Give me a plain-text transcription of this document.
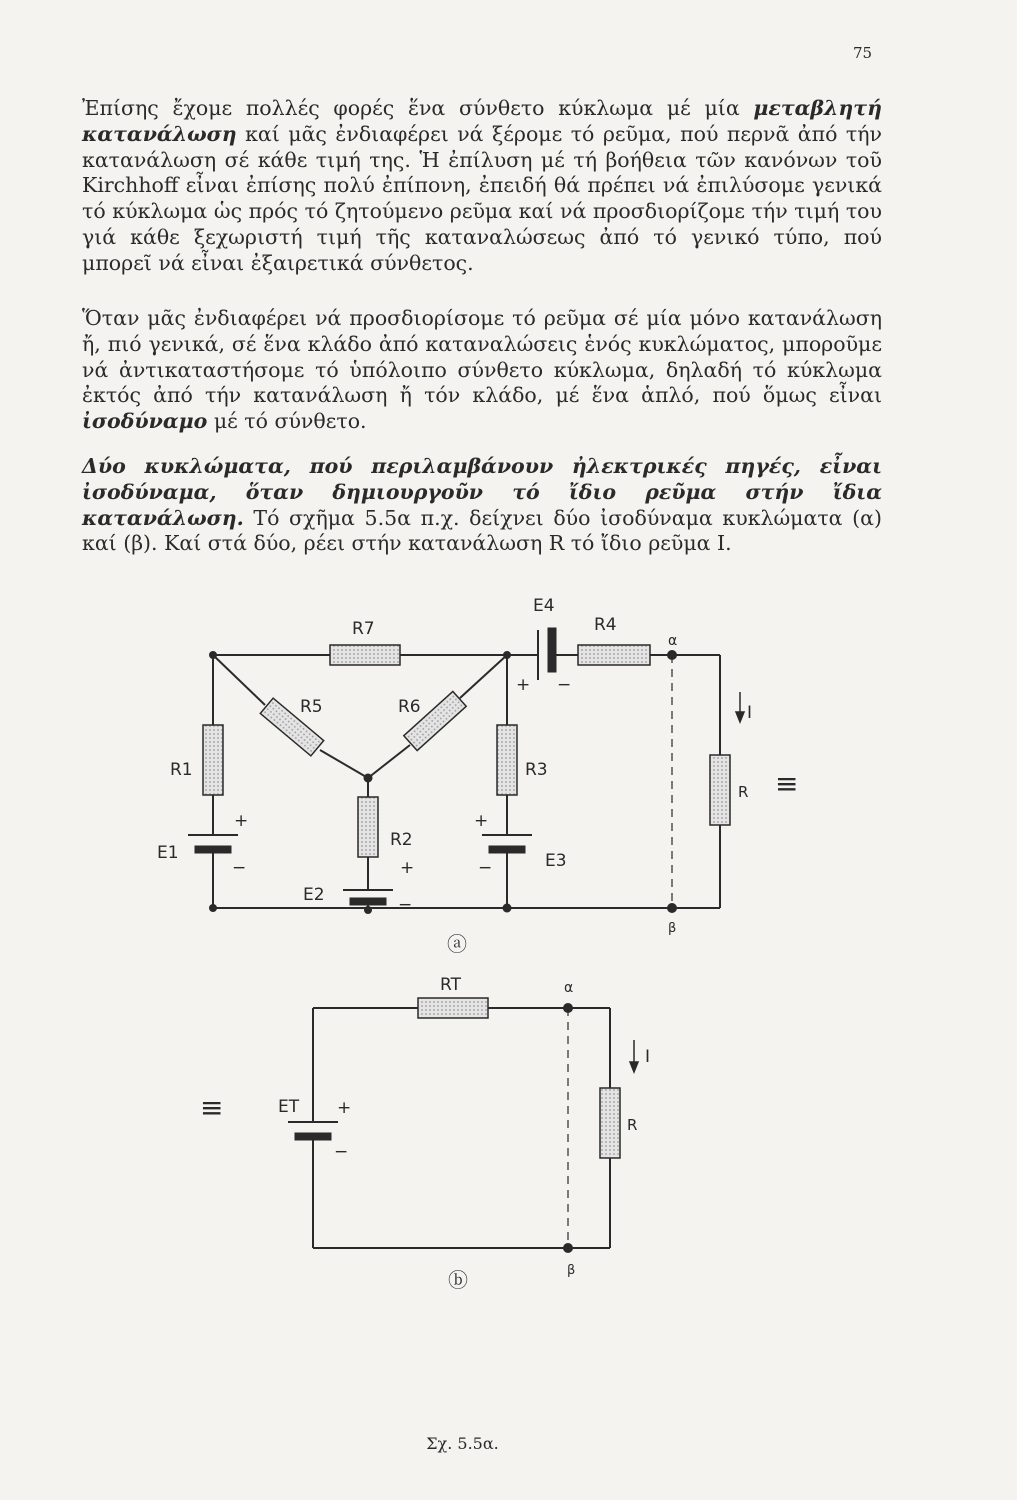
75

Ἐπίσης ἔχομε πολλές φορές ἕνα σύνθετο κύκλωμα μέ μία μεταβλητή κατανάλωση καί μᾶς ἐνδιαφέρει νά ξέρομε τό ρεῦμα, πού περνᾶ ἀπό τήν κατανάλωση σέ κάθε τιμή της. Ἡ ἐπίλυση μέ τή βοήθεια τῶν κανόνων τοῦ Kirchhoff εἶναι ἐπίσης πολύ ἐπίπονη, ἐπειδή θά πρέπει νά ἐπιλύσομε γενικά τό κύκλωμα ὡς πρός τό ζητούμενο ρεῦμα καί νά προσδιορίζομε τήν τιμή του γιά κάθε ξεχωριστή τιμή τῆς καταναλώσεως ἀπό τό γενικό τύπο, πού μπορεῖ νά εἶναι ἐξαιρετικά σύνθετος.

Ὅταν μᾶς ἐνδιαφέρει νά προσδιορίσομε τό ρεῦμα σέ μία μόνο κατανάλωση ἤ, πιό γενικά, σέ ἕνα κλάδο ἀπό καταναλώσεις ἑνός κυκλώματος, μποροῦμε νά ἀντικαταστήσομε τό ὑπόλοιπο σύνθετο κύκλωμα, δηλαδή τό κύκλωμα ἐκτός ἀπό τήν κατανάλωση ἤ τόν κλάδο, μέ ἕνα ἁπλό, πού ὅμως εἶναι ἰσοδύναμο μέ τό σύνθετο.

Δύο κυκλώματα, πού περιλαμβάνουν ἠλεκτρικές πηγές, εἶναι ἰσοδύναμα, ὅταν δημιουργοῦν τό ἴδιο ρεῦμα στήν ἴδια κατανάλωση. Τό σχῆμα 5.5α π.χ. δείχνει δύο ἰσοδύναμα κυκλώματα (α) καί (β). Καί στά δύο, ρέει στήν κατανάλωση R τό ἴδιο ρεῦμα I.

R7
E4
R4
α
R5	R6
+ −
I
R1	R3
R ≡
+
E1
−
R2
+
E2	−
+
E3
−
β
ⓐ
RT	α
I
≡	ET +
−
R
β
ⓑ
Σχ. 5.5α.
